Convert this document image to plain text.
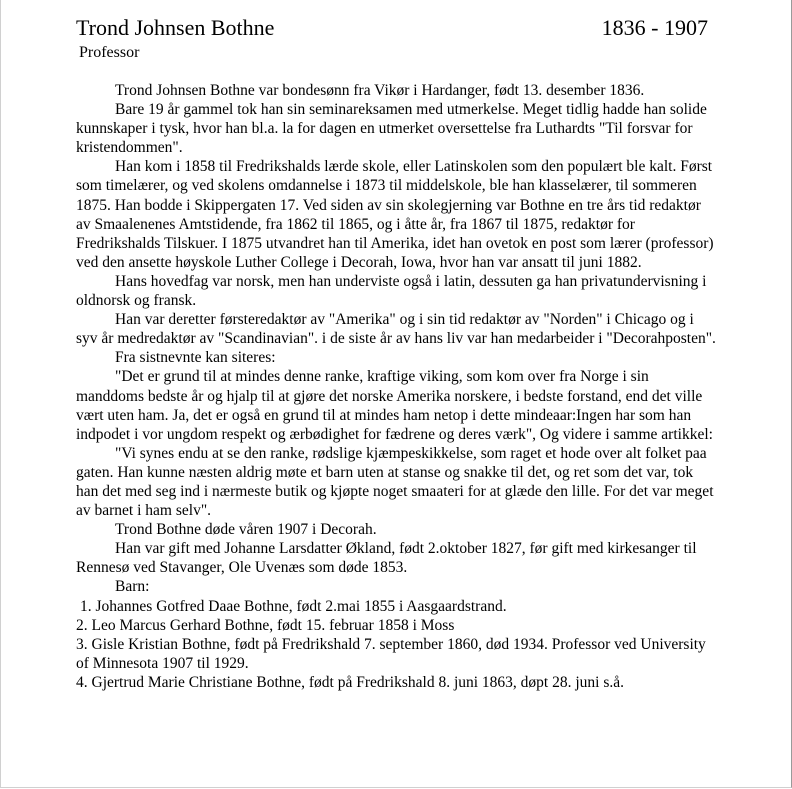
Trond Johnsen Bothne	1836 - 1907
Professor

Trond Johnsen Bothne var bondesønn fra Vikør i Hardanger, født 13. desember 1836.

Bare 19 år gammel tok han sin seminareksamen med utmerkelse. Meget tidlig hadde han solide kunnskaper i tysk, hvor han bl.a. la for dagen en utmerket oversettelse fra Luthardts "Til forsvar for kristendommen".

Han kom i 1858 til Fredrikshalds lærde skole, eller Latinskolen som den populært ble kalt. Først som timelærer, og ved skolens omdannelse i 1873 til middelskole, ble han klasselærer, til sommeren 1875. Han bodde i Skippergaten 17. Ved siden av sin skolegjerning var Bothne en tre års tid redaktør av Smaalenenes Amtstidende, fra 1862 til 1865, og i åtte år, fra 1867 til 1875, redaktør for Fredrikshalds Tilskuer. I 1875 utvandret han til Amerika, idet han ovetok en post som lærer (professor) ved den ansette høyskole Luther College i Decorah, Iowa, hvor han var ansatt til juni 1882.

Hans hovedfag var norsk, men han underviste også i latin, dessuten ga han privatundervisning i oldnorsk og fransk.

Han var deretter førsteredaktør av "Amerika" og i sin tid redaktør av "Norden" i Chicago og i syv år medredaktør av "Scandinavian". i de siste år av hans liv var han medarbeider i "Decorahposten".

Fra sistnevnte kan siteres:

"Det er grund til at mindes denne ranke, kraftige viking, som kom over fra Norge i sin manddoms bedste år og hjalp til at gjøre det norske Amerika norskere, i bedste forstand, end det ville vært uten ham. Ja, det er også en grund til at mindes ham netop i dette mindeaar:Ingen har som han indpodet i vor ungdom respekt og ærbødighet for fædrene og deres værk", Og videre i samme artikkel:

"Vi synes endu at se den ranke, rødslige kjæmpeskikkelse, som raget et hode over alt folket paa gaten. Han kunne næsten aldrig møte et barn uten at stanse og snakke til det, og ret som det var, tok han det med seg ind i nærmeste butik og kjøpte noget smaateri for at glæde den lille. For det var meget av barnet i ham selv".

Trond Bothne døde våren 1907 i Decorah.

Han var gift med Johanne Larsdatter Økland, født 2.oktober 1827, før gift med kirkesanger til Rennesø ved Stavanger, Ole Uvenæs som døde 1853.

Barn:

1. Johannes Gotfred Daae Bothne, født 2.mai 1855 i Aasgaardstrand.
2. Leo Marcus Gerhard Bothne, født 15. februar 1858 i Moss
3. Gisle Kristian Bothne, født på Fredrikshald 7. september 1860, død 1934. Professor ved University of Minnesota 1907 til 1929.
4. Gjertrud Marie Christiane Bothne, født på Fredrikshald 8. juni 1863, døpt 28. juni s.å.
